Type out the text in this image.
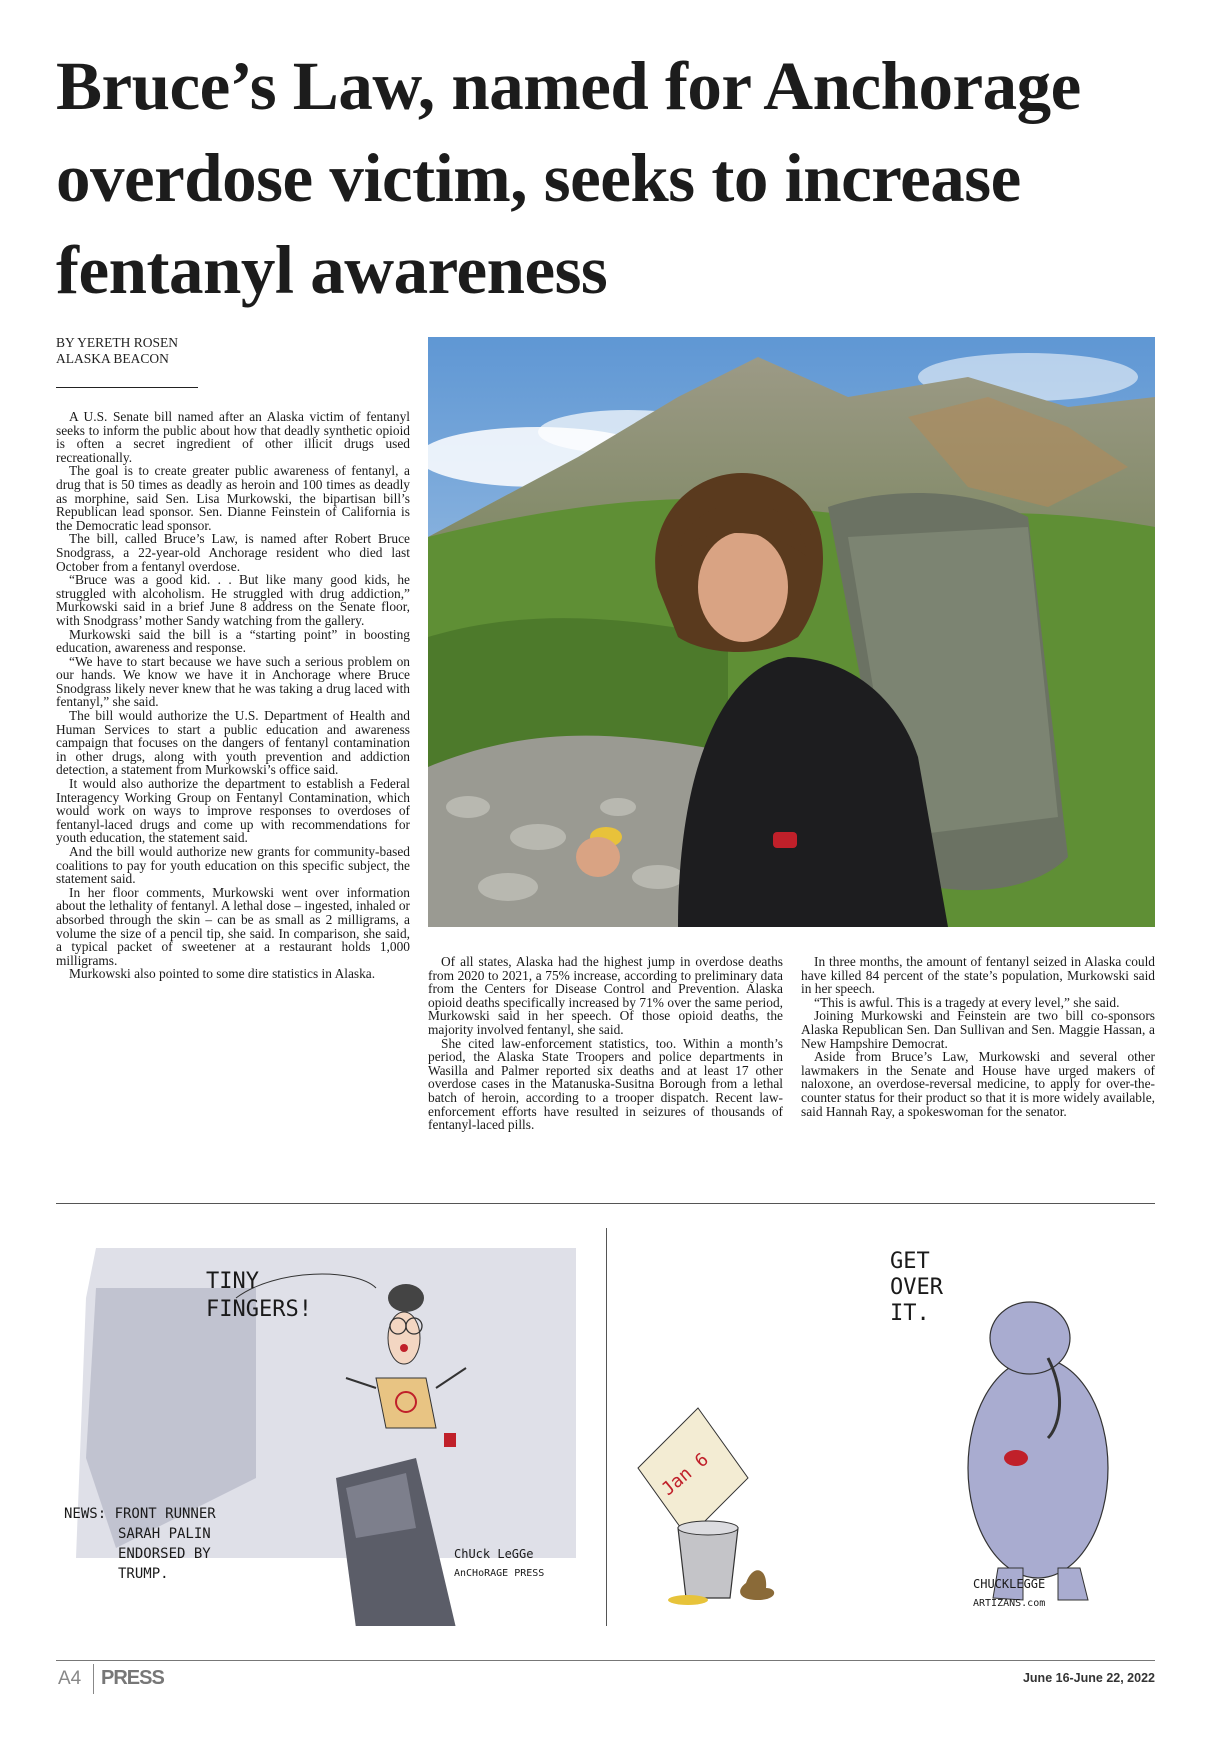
Bruce’s Law, named for Anchorage overdose victim, seeks to increase fentanyl awareness
BY YERETH ROSEN
ALASKA BEACON

A U.S. Senate bill named after an Alaska victim of fentanyl seeks to inform the public about how that deadly synthetic opioid is often a secret ingredient of other illicit drugs used recreationally.

The goal is to create greater public awareness of fentanyl, a drug that is 50 times as deadly as heroin and 100 times as deadly as morphine, said Sen. Lisa Murkowski, the bipartisan bill’s Republican lead sponsor. Sen. Dianne Feinstein of California is the Democratic lead sponsor.

The bill, called Bruce’s Law, is named after Robert Bruce Snodgrass, a 22-year-old Anchorage resident who died last October from a fentanyl overdose.

“Bruce was a good kid. . . But like many good kids, he struggled with alcoholism. He struggled with drug addiction,” Murkowski said in a brief June 8 address on the Senate floor, with Snodgrass’ mother Sandy watching from the gallery.

Murkowski said the bill is a “starting point” in boosting education, awareness and response.

“We have to start because we have such a serious problem on our hands. We know we have it in Anchorage where Bruce Snodgrass likely never knew that he was taking a drug laced with fentanyl,” she said.

The bill would authorize the U.S. Department of Health and Human Services to start a public education and awareness campaign that focuses on the dangers of fentanyl contamination in other drugs, along with youth prevention and addiction detection, a statement from Murkowski’s office said.

It would also authorize the department to establish a Federal Interagency Working Group on Fentanyl Contamination, which would work on ways to improve responses to overdoses of fentanyl-laced drugs and come up with recommendations for youth education, the statement said.

And the bill would authorize new grants for community-based coalitions to pay for youth education on this specific subject, the statement said.

In her floor comments, Murkowski went over information about the lethality of fentanyl. A lethal dose – ingested, inhaled or absorbed through the skin – can be as small as 2 milligrams, a volume the size of a pencil tip, she said. In comparison, she said, a typical packet of sweetener at a restaurant holds 1,000 milligrams.

Murkowski also pointed to some dire statistics in Alaska.

Of all states, Alaska had the highest jump in overdose deaths from 2020 to 2021, a 75% increase, according to preliminary data from the Centers for Disease Control and Prevention. Alaska opioid deaths specifically increased by 71% over the same period, Murkowski said in her speech. Of those opioid deaths, the majority involved fentanyl, she said.

She cited law-enforcement statistics, too. Within a month’s period, the Alaska State Troopers and police departments in Wasilla and Palmer reported six deaths and at least 17 other overdose cases in the Matanuska-Susitna Borough from a lethal batch of heroin, according to a trooper dispatch. Recent law-enforcement efforts have resulted in seizures of thousands of fentanyl-laced pills.

In three months, the amount of fentanyl seized in Alaska could have killed 84 percent of the state’s population, Murkowski said in her speech.

“This is awful. This is a tragedy at every level,” she said.

Joining Murkowski and Feinstein are two bill co-sponsors Alaska Republican Sen. Dan Sullivan and Sen. Maggie Hassan, a New Hampshire Democrat.

Aside from Bruce’s Law, Murkowski and several other lawmakers in the Senate and House have urged makers of naloxone, an overdose-reversal medicine, to apply for over-the-counter status for their product so that it is more widely available, said Hannah Ray, a spokeswoman for the senator.

TINY
FINGERS!
NEWS: FRONT RUNNER
SARAH PALIN
ENDORSED BY
TRUMP.
ChUck LeGGe
AnCHoRAGE PRESS
GET
OVER
IT.
Jan 6
CHUCKLEGGE
ARTIZANS.com
A4 PRESS	June 16-June 22, 2022
